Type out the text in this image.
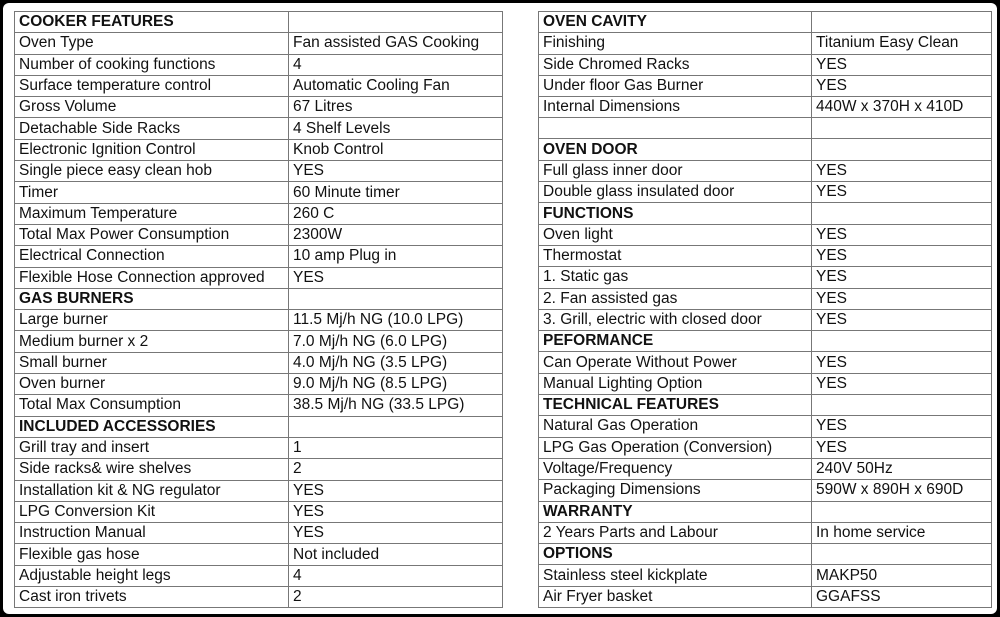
COOKER FEATURES	
Oven Type	Fan assisted GAS Cooking
Number of cooking functions	4
Surface temperature control	Automatic Cooling Fan
Gross Volume	67 Litres
Detachable Side Racks	4 Shelf Levels
Electronic Ignition Control	Knob Control
Single piece easy clean hob	YES
Timer	60 Minute timer
Maximum Temperature	260 C
Total Max Power Consumption	2300W
Electrical Connection	10 amp Plug in
Flexible Hose Connection approved	YES
GAS BURNERS	
Large burner	11.5 Mj/h NG (10.0 LPG)
Medium burner x 2	7.0 Mj/h NG (6.0 LPG)
Small burner	4.0 Mj/h NG (3.5 LPG)
Oven burner	9.0 Mj/h NG (8.5 LPG)
Total Max Consumption	38.5 Mj/h NG (33.5 LPG)
INCLUDED ACCESSORIES	
Grill tray and insert	1
Side racks& wire shelves	2
Installation kit & NG regulator	YES
LPG Conversion Kit	YES
Instruction Manual	YES
Flexible gas hose	Not included
Adjustable height legs	4
Cast iron trivets	2
OVEN CAVITY	
Finishing	Titanium Easy Clean
Side Chromed Racks	YES
Under floor Gas Burner	YES
Internal Dimensions	440W x 370H x 410D

OVEN DOOR	
Full glass inner door	YES
Double glass insulated door	YES
FUNCTIONS	
Oven light	YES
Thermostat	YES
1. Static gas	YES
2. Fan assisted gas	YES
3. Grill, electric with closed door	YES
PEFORMANCE	
Can Operate Without Power	YES
Manual Lighting Option	YES
TECHNICAL FEATURES	
Natural Gas Operation	YES
LPG Gas Operation (Conversion)	YES
Voltage/Frequency	240V 50Hz
Packaging Dimensions	590W x 890H x 690D
WARRANTY	
2 Years Parts and Labour	In home service
OPTIONS	
Stainless steel kickplate	MAKP50
Air Fryer basket	GGAFSS
